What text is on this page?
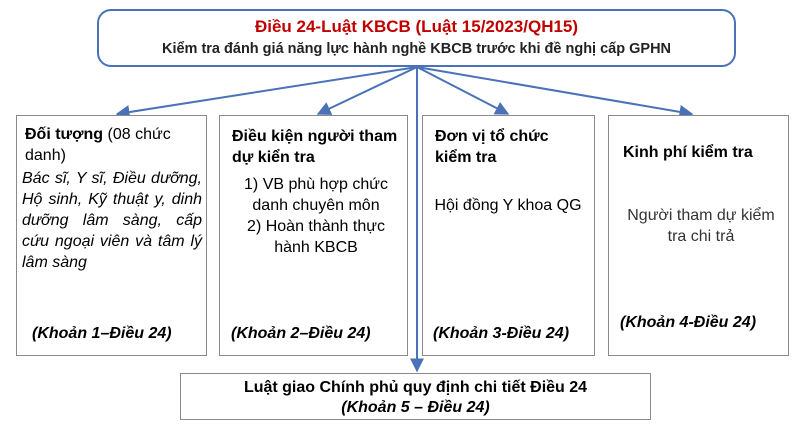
Điều 24-Luật KBCB (Luật 15/2023/QH15)
Kiểm tra đánh giá năng lực hành nghề KBCB trước khi đề nghị cấp GPHN
Đối tượng (08 chức danh)
Bác sĩ, Y sĩ, Điều dưỡng, Hộ sinh, Kỹ thuật y, dinh dưỡng lâm sàng, cấp cứu ngoại viên và tâm lý lâm sàng
(Khoản 1–Điều 24)
Điều kiện người tham dự kiển tra
1) VB phù hợp chức danh chuyên môn
2) Hoàn thành thực hành KBCB
(Khoản 2–Điều 24)
Đơn vị tổ chức kiểm tra
Hội đồng Y khoa QG
(Khoản 3-Điều 24)
Kinh phí kiểm tra
Người tham dự kiểm tra chi trả
(Khoản 4-Điều 24)
Luật giao Chính phủ quy định chi tiết Điều 24
(Khoản 5 – Điều 24)
